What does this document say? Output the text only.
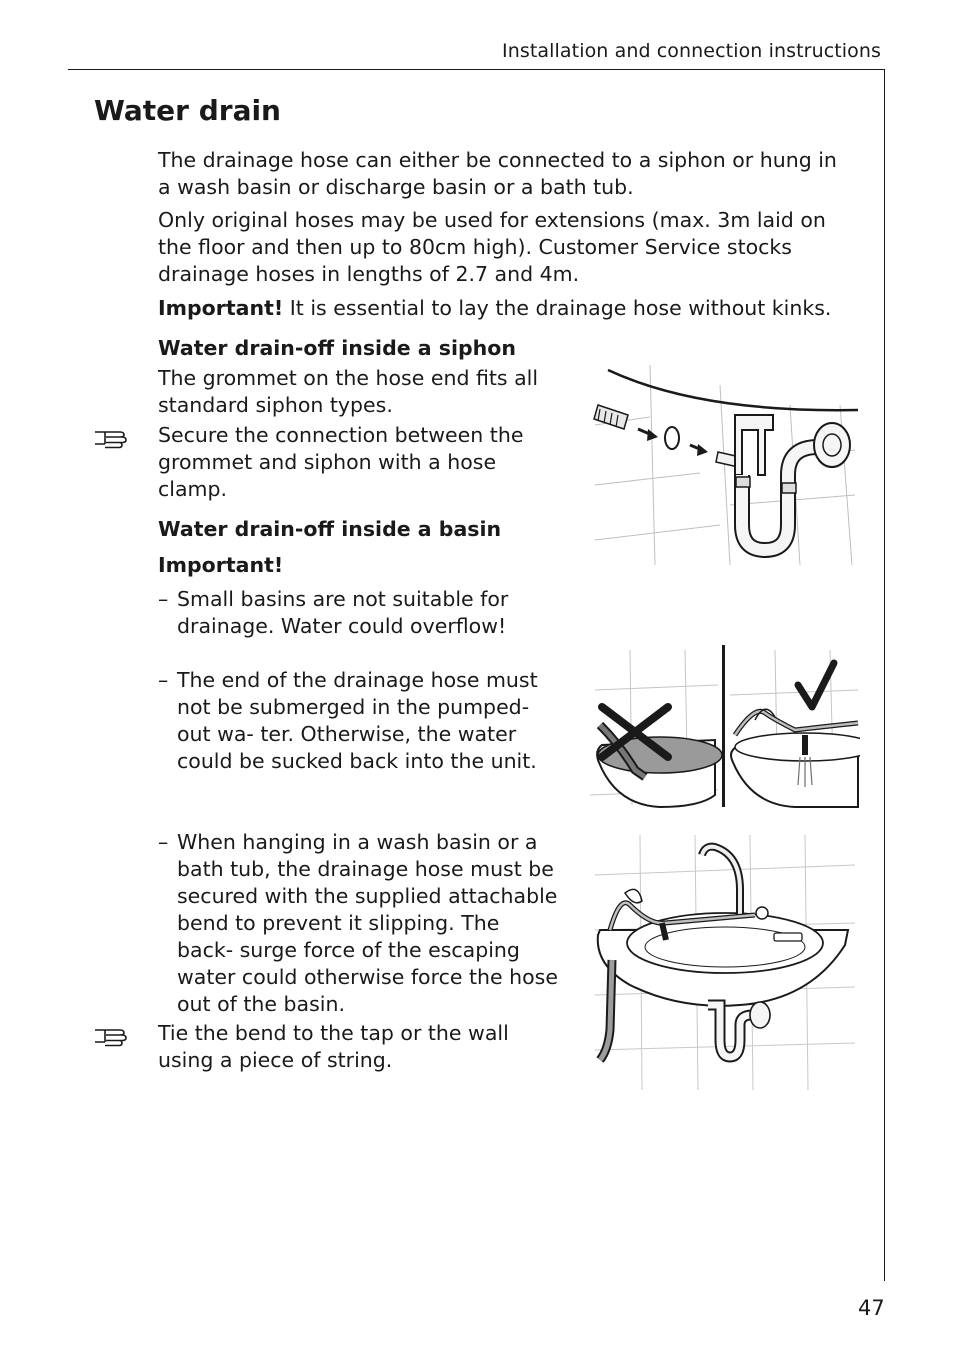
Installation and connection instructions
Water drain
The drainage hose can either be connected to a siphon or hung in a wash basin or discharge basin or a bath tub.
Only original hoses may be used for extensions (max. 3m laid on the floor and then up to 80cm high). Customer Service stocks drainage hoses in lengths of 2.7 and 4m.
Important! It is essential to lay the drainage hose without kinks.
Water drain-off inside a siphon
The grommet on the hose end fits all standard siphon types.
Secure the connection between the grommet and siphon with a hose clamp.
Water drain-off inside a basin
Important!
– Small basins are not suitable for drainage. Water could overflow!
– The end of the drainage hose must not be submerged in the pumped-out wa- ter. Otherwise, the water could be sucked back into the unit.
– When hanging in a wash basin or a bath tub, the drainage hose must be secured with the supplied attachable bend to prevent it slipping. The back- surge force of the escaping water could otherwise force the hose out of the basin.
Tie the bend to the tap or the wall using a piece of string.
47
